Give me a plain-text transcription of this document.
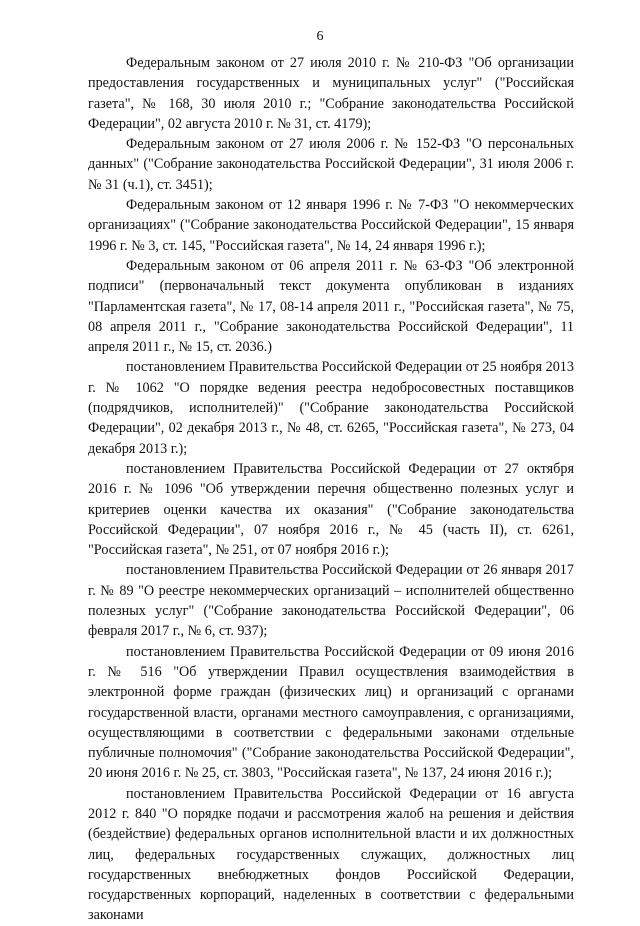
6

Федеральным законом от 27 июля 2010 г. № 210-ФЗ "Об организации предоставления государственных и муниципальных услуг" ("Российская газета", № 168, 30 июля 2010 г.; "Собрание законодательства Российской Федерации", 02 августа 2010 г. № 31, ст. 4179);

Федеральным законом от 27 июля 2006 г. № 152-ФЗ "О персональных данных" ("Собрание законодательства Российской Федерации", 31 июля 2006 г. № 31 (ч.1), ст. 3451);

Федеральным законом от 12 января 1996 г. № 7-ФЗ "О некоммерческих организациях" ("Собрание законодательства Российской Федерации", 15 января 1996 г. № 3, ст. 145, "Российская газета", № 14, 24 января 1996 г.);

Федеральным законом от 06 апреля 2011 г. № 63-ФЗ "Об электронной подписи" (первоначальный текст документа опубликован в изданиях "Парламентская газета", № 17, 08-14 апреля 2011 г., "Российская газета", № 75, 08 апреля 2011 г., "Собрание законодательства Российской Федерации", 11 апреля 2011 г., № 15, ст. 2036.)

постановлением Правительства Российской Федерации от 25 ноября 2013 г. № 1062 "О порядке ведения реестра недобросовестных поставщиков (подрядчиков, исполнителей)" ("Собрание законодательства Российской Федерации", 02 декабря 2013 г., № 48, ст. 6265, "Российская газета", № 273, 04 декабря 2013 г.);

постановлением Правительства Российской Федерации от 27 октября 2016 г. № 1096 "Об утверждении перечня общественно полезных услуг и критериев оценки качества их оказания" ("Собрание законодательства Российской Федерации", 07 ноября 2016 г., № 45 (часть II), ст. 6261, "Российская газета", № 251, от 07 ноября 2016 г.);

постановлением Правительства Российской Федерации от 26 января 2017 г. № 89 "О реестре некоммерческих организаций – исполнителей общественно полезных услуг" ("Собрание законодательства Российской Федерации", 06 февраля 2017 г., № 6, ст. 937);

постановлением Правительства Российской Федерации от 09 июня 2016 г. № 516 "Об утверждении Правил осуществления взаимодействия в электронной форме граждан (физических лиц) и организаций с органами государственной власти, органами местного самоуправления, с организациями, осуществляющими в соответствии с федеральными законами отдельные публичные полномочия" ("Собрание законодательства Российской Федерации", 20 июня 2016 г. № 25, ст. 3803, "Российская газета", № 137, 24 июня 2016 г.);

постановлением Правительства Российской Федерации от 16 августа 2012 г. 840 "О порядке подачи и рассмотрения жалоб на решения и действия (бездействие) федеральных органов исполнительной власти и их должностных лиц, федеральных государственных служащих, должностных лиц государственных внебюджетных фондов Российской Федерации, государственных корпораций, наделенных в соответствии с федеральными законами
